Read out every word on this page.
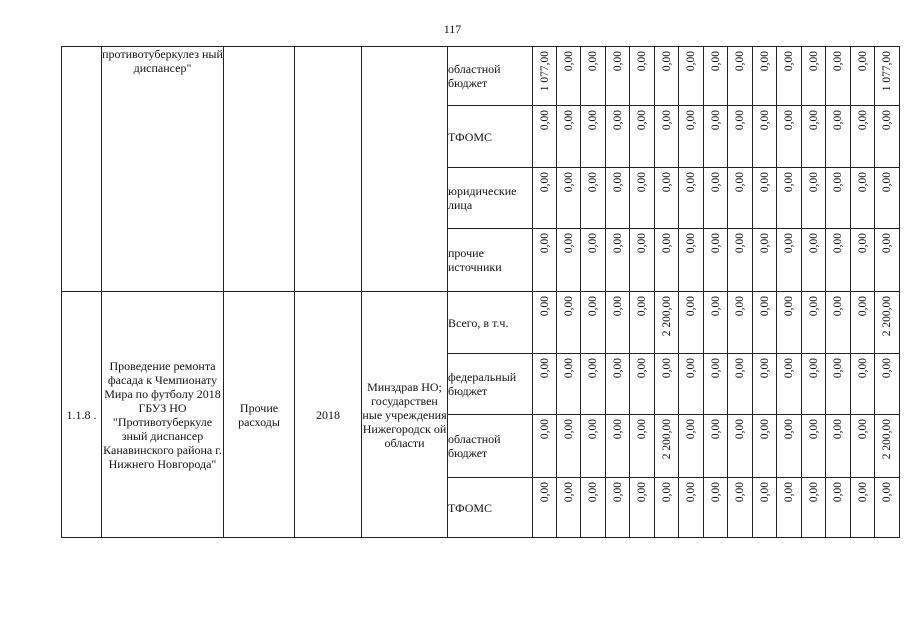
117
	противотуберкулез ный диспансер"				областной бюджет	1 077,00	0,00	0,00	0,00	0,00	0,00	0,00	0,00	0,00	0,00	0,00	0,00	0,00	0,00	1 077,00

					ТФОМС	0,00	0,00	0,00	0,00	0,00	0,00	0,00	0,00	0,00	0,00	0,00	0,00	0,00	0,00	0,00

					юридические лица	0,00	0,00	0,00	0,00	0,00	0,00	0,00	0,00	0,00	0,00	0,00	0,00	0,00	0,00	0,00

					прочие источники	0,00	0,00	0,00	0,00	0,00	0,00	0,00	0,00	0,00	0,00	0,00	0,00	0,00	0,00	0,00

1.1.8 .	Проведение ремонта фасада к Чемпионату Мира по футболу 2018 ГБУЗ НО "Противотуберкуле зный диспансер Канавинского района г. Нижнего Новгорода"	Прочие расходы	2018	Минздрав НО; государствен ные учреждения Нижегородск ой области	Всего, в т.ч.	0,00	0,00	0,00	0,00	0,00	2 200,00	0,00	0,00	0,00	0,00	0,00	0,00	0,00	0,00	2 200,00

					федеральный бюджет	0,00	0,00	0,00	0,00	0,00	0,00	0,00	0,00	0,00	0,00	0,00	0,00	0,00	0,00	0,00

					областной бюджет	0,00	0,00	0,00	0,00	0,00	2 200,00	0,00	0,00	0,00	0,00	0,00	0,00	0,00	0,00	2 200,00

					ТФОМС	0,00	0,00	0,00	0,00	0,00	0,00	0,00	0,00	0,00	0,00	0,00	0,00	0,00	0,00	0,00
